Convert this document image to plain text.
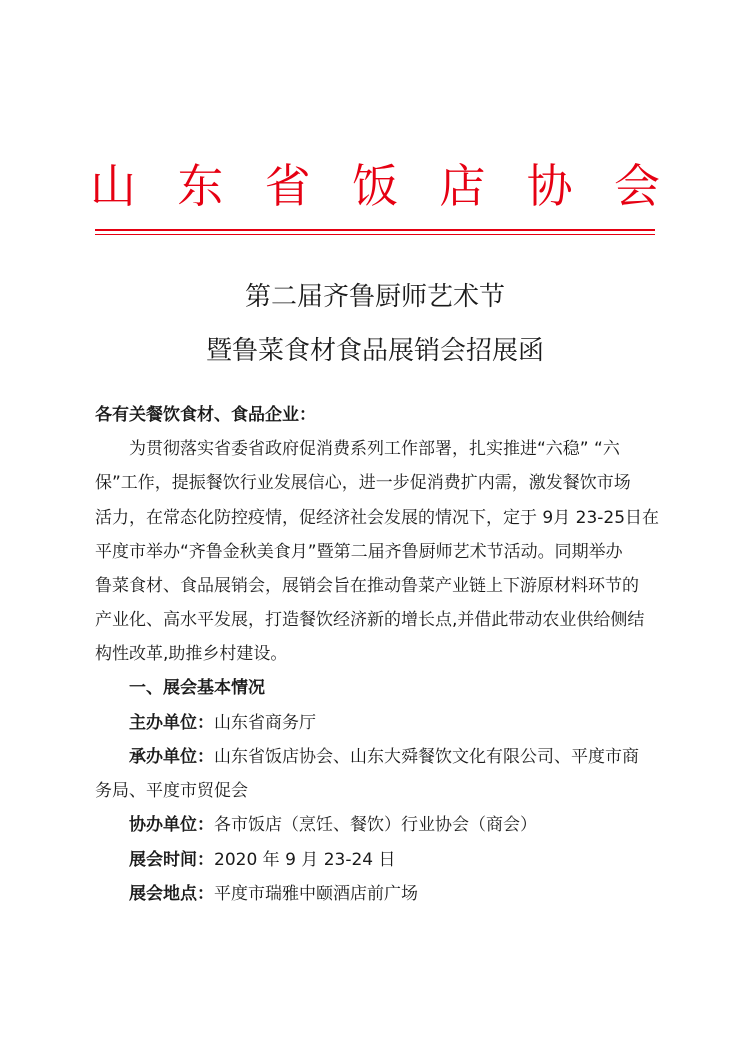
山 东 省 饭 店 协 会
第二届齐鲁厨师艺术节
暨鲁菜食材食品展销会招展函
各有关餐饮食材、食品企业：
为贯彻落实省委省政府促消费系列工作部署，扎实推进“六稳” “六
保”工作，提振餐饮行业发展信心，进一步促消费扩内需，激发餐饮市场
活力，在常态化防控疫情，促经济社会发展的情况下，定于 9月 23-25日在
平度市举办“齐鲁金秋美食月”暨第二届齐鲁厨师艺术节活动。同期举办
鲁菜食材、食品展销会，展销会旨在推动鲁菜产业链上下游原材料环节的
产业化、高水平发展，打造餐饮经济新的增长点,并借此带动农业供给侧结
构性改革,助推乡村建设。
一、展会基本情况
主办单位：山东省商务厅
承办单位：山东省饭店协会、山东大舜餐饮文化有限公司、平度市商
务局、平度市贸促会
协办单位：各市饭店（烹饪、餐饮）行业协会（商会）
展会时间：2020 年 9 月 23-24 日
展会地点：平度市瑞雅中颐酒店前广场
